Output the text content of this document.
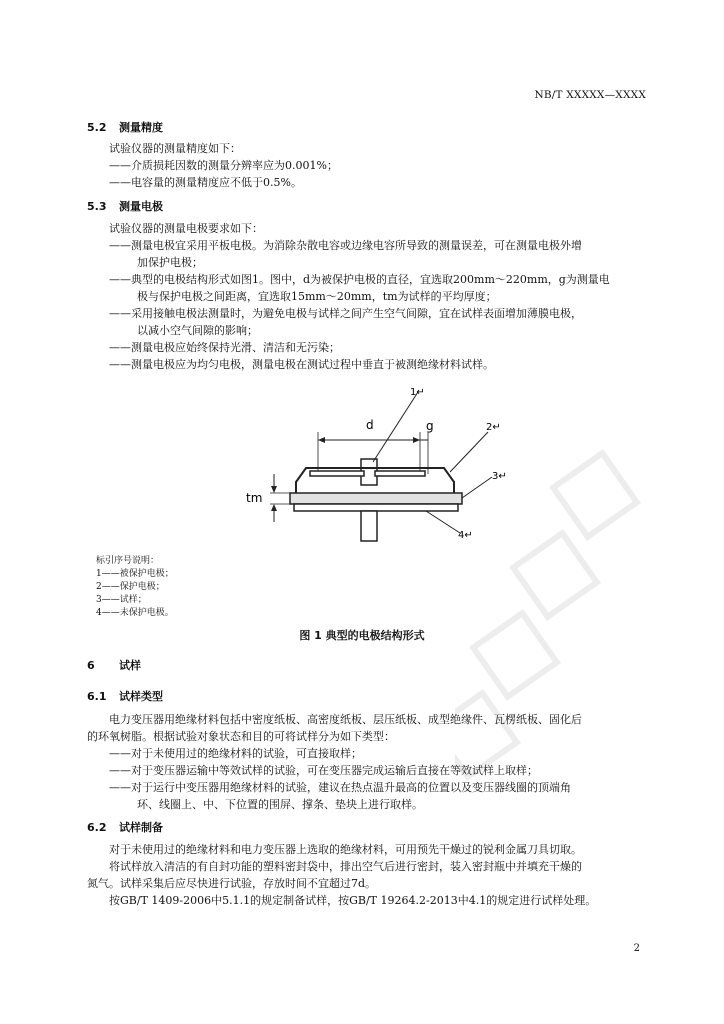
NB/T XXXXX—XXXX
5.2 测量精度
试验仪器的测量精度如下：
——介质损耗因数的测量分辨率应为0.001%；
——电容量的测量精度应不低于0.5%。
5.3 测量电极
试验仪器的测量电极要求如下：
——测量电极宜采用平板电极。为消除杂散电容或边缘电容所导致的测量误差，可在测量电极外增
加保护电极；
——典型的电极结构形式如图1。图中，d为被保护电极的直径，宜选取200mm～220mm，g为测量电
极与保护电极之间距离，宜选取15mm～20mm，tm为试样的平均厚度；
——采用接触电极法测量时，为避免电极与试样之间产生空气间隙，宜在试样表面增加薄膜电极，
以减小空气间隙的影响；
——测量电极应始终保持光滑、清洁和无污染；
——测量电极应为均匀电极，测量电极在测试过程中垂直于被测绝缘材料试样。
d	g
tm
1↵
2↵
3↵
4↵
标引序号说明：
1——被保护电极；
2——保护电极；
3——试样；
4——未保护电极。
图 1 典型的电极结构形式
6 试样
6.1 试样类型
电力变压器用绝缘材料包括中密度纸板、高密度纸板、层压纸板、成型绝缘件、瓦楞纸板、固化后
的环氧树脂。根据试验对象状态和目的可将试样分为如下类型：
——对于未使用过的绝缘材料的试验，可直接取样；
——对于变压器运输中等效试样的试验，可在变压器完成运输后直接在等效试样上取样；
——对于运行中变压器用绝缘材料的试验，建议在热点温升最高的位置以及变压器线圈的顶端角
环、线圈上、中、下位置的围屏、撑条、垫块上进行取样。
6.2 试样制备
对于未使用过的绝缘材料和电力变压器上选取的绝缘材料，可用预先干燥过的锐利金属刀具切取。
将试样放入清洁的有自封功能的塑料密封袋中，排出空气后进行密封，装入密封瓶中并填充干燥的
氮气。试样采集后应尽快进行试验，存放时间不宜超过7d。
按GB/T 1409-2006中5.1.1的规定制备试样，按GB/T 19264.2-2013中4.1的规定进行试样处理。
2
